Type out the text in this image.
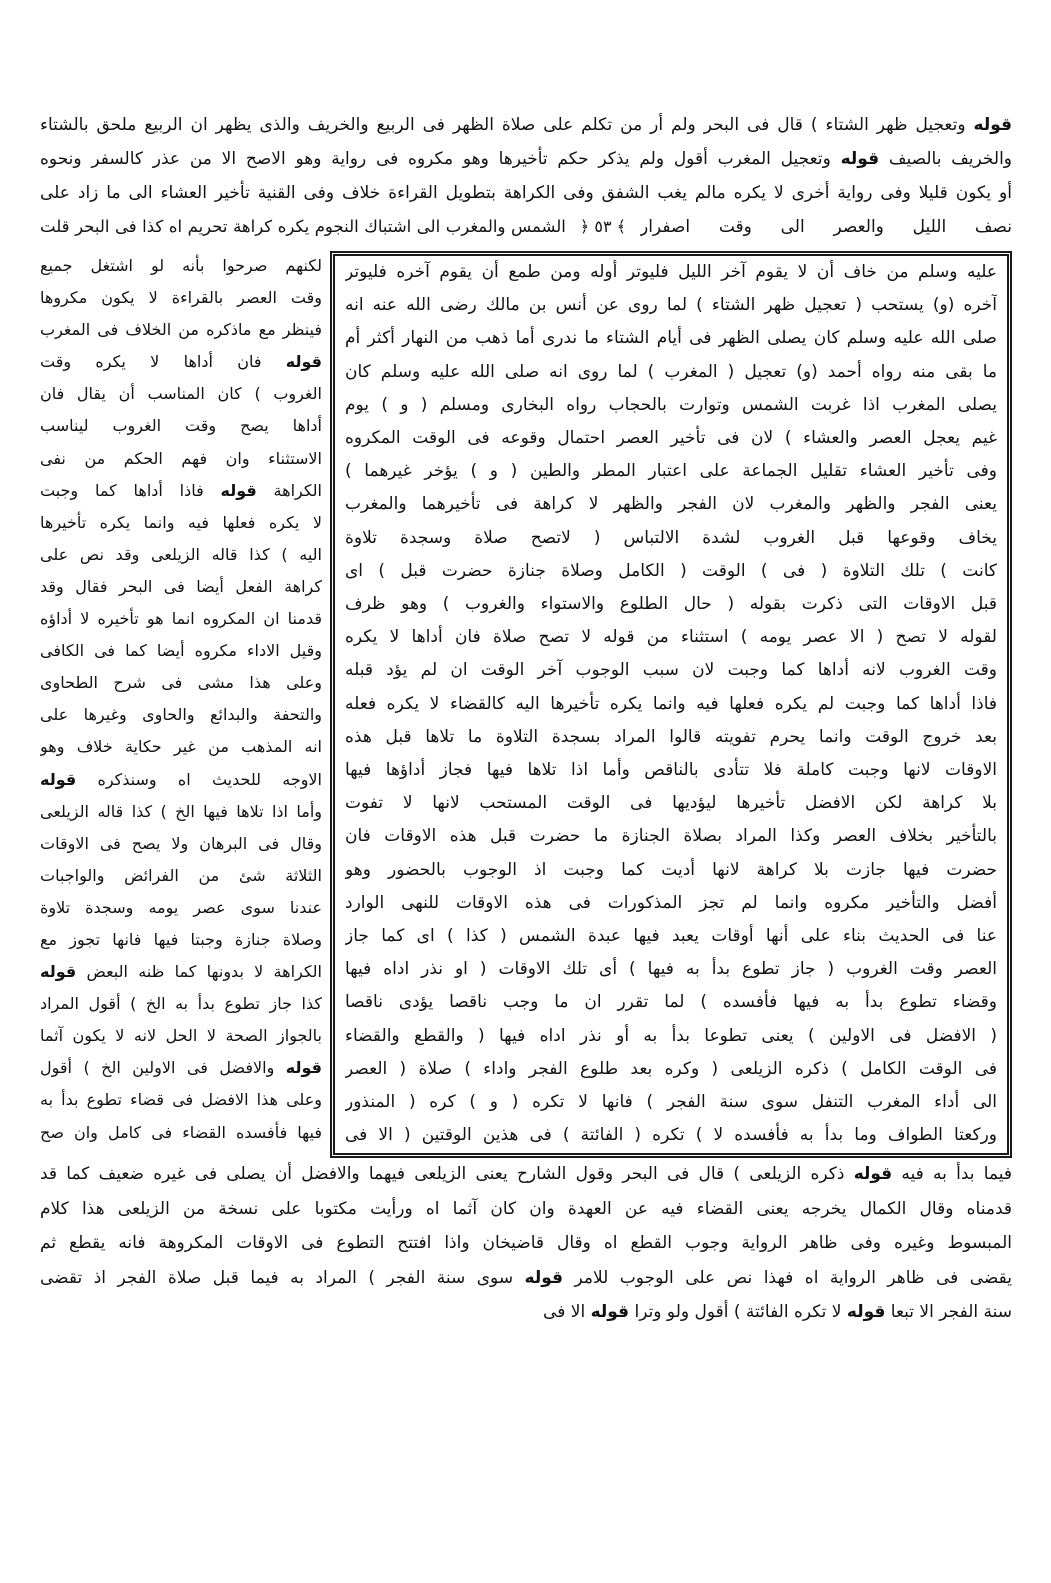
قوله وتعجيل ظهر الشتاء ) قال فى البحر ولم أر من تكلم على صلاة الظهر فى الربيع والخريف والذى يظهر ان الربيع ملحق بالشتاء
والخريف بالصيف قوله وتعجيل المغرب أقول ولم يذكر حكم تأخيرها وهو مكروه فى رواية وهو الاصح الا من عذر كالسفر ونحوه
أو يكون قليلا وفى رواية أخرى لا يكره مالم يغب الشفق وفى الكراهة بتطويل القراءة خلاف وفى القنية تأخير العشاء الى ما زاد على
نصف الليل والعصر الى وقت اصفرار
﴿ ٥٣ ﴾
الشمس والمغرب الى اشتباك النجوم يكره كراهة تحريم اه كذا فى البحر قلت
عليه وسلم من خاف أن لا يقوم آخر الليل فليوتر أوله ومن طمع أن يقوم آخره فليوتر
آخره (و) يستحب ( تعجيل ظهر الشتاء ) لما روى عن أنس بن مالك رضى الله عنه انه
صلى الله عليه وسلم كان يصلى الظهر فى أيام الشتاء ما ندرى أما ذهب من النهار أكثر أم
ما بقى منه رواه أحمد (و) تعجيل ( المغرب ) لما روى انه صلى الله عليه وسلم كان
يصلى المغرب اذا غربت الشمس وتوارت بالحجاب رواه البخارى ومسلم ( و ) يوم
غيم يعجل العصر والعشاء ) لان فى تأخير العصر احتمال وقوعه فى الوقت المكروه
وفى تأخير العشاء تقليل الجماعة على اعتبار المطر والطين ( و ) يؤخر غيرهما )
يعنى الفجر والظهر والمغرب لان الفجر والظهر لا كراهة فى تأخيرهما والمغرب
يخاف وقوعها قبل الغروب لشدة الالتباس ( لاتصح صلاة وسجدة تلاوة
كانت ) تلك التلاوة ( فى ) الوقت ( الكامل وصلاة جنازة حضرت قبل ) اى
قبل الاوقات التى ذكرت بقوله ( حال الطلوع والاستواء والغروب ) وهو ظرف
لقوله لا تصح ( الا عصر يومه ) استثناء من قوله لا تصح صلاة فان أداها لا يكره
وقت الغروب لانه أداها كما وجبت لان سبب الوجوب آخر الوقت ان لم يؤد قبله
فاذا أداها كما وجبت لم يكره فعلها فيه وانما يكره تأخيرها اليه كالقضاء لا يكره فعله
بعد خروج الوقت وانما يحرم تفويته قالوا المراد بسجدة التلاوة ما تلاها قبل هذه
الاوقات لانها وجبت كاملة فلا تتأدى بالناقص وأما اذا تلاها فيها فجاز أداؤها فيها
بلا كراهة لكن الافضل تأخيرها ليؤديها فى الوقت المستحب لانها لا تفوت
بالتأخير بخلاف العصر وكذا المراد بصلاة الجنازة ما حضرت قبل هذه الاوقات فان
حضرت فيها جازت بلا كراهة لانها أديت كما وجبت اذ الوجوب بالحضور وهو
أفضل والتأخير مكروه وانما لم تجز المذكورات فى هذه الاوقات للنهى الوارد
عنا فى الحديث بناء على أنها أوقات يعبد فيها عبدة الشمس ( كذا ) اى كما جاز
العصر وقت الغروب ( جاز تطوع بدأ به فيها ) أى تلك الاوقات ( او نذر اداه فيها
وقضاء تطوع بدأ به فيها فأفسده ) لما تقرر ان ما وجب ناقصا يؤدى ناقصا
( الافضل فى الاولين ) يعنى تطوعا بدأ به أو نذر اداه فيها ( والقطع والقضاء
فى الوقت الكامل ) ذكره الزيلعى ( وكره بعد طلوع الفجر واداء ) صلاة ( العصر
الى أداء المغرب التنفل سوى سنة الفجر ) فانها لا تكره ( و ) كره ( المنذور
وركعتا الطواف وما بدأ به فأفسده لا ) تكره ( الفائتة ) فى هذين الوقتين ( الا فى
لكنهم صرحوا بأنه لو اشتغل جميع
وقت العصر بالقراءة لا يكون مكروها
فينظر مع ماذكره من الخلاف فى المغرب
قوله فان أداها لا يكره وقت
الغروب ) كان المناسب أن يقال فان
أداها يصح وقت الغروب ليناسب
الاستثناء وان فهم الحكم من نفى
الكراهة قوله فاذا أداها كما وجبت
لا يكره فعلها فيه وانما يكره تأخيرها
اليه ) كذا قاله الزيلعى وقد نص على
كراهة الفعل أيضا فى البحر فقال وقد
قدمنا ان المكروه انما هو تأخيره لا أداؤه
وقيل الاداء مكروه أيضا كما فى الكافى
وعلى هذا مشى فى شرح الطحاوى
والتحفة والبدائع والحاوى وغيرها على
انه المذهب من غير حكاية خلاف وهو
الاوجه للحديث اه وسنذكره قوله
وأما اذا تلاها فيها الخ ) كذا قاله الزيلعى
وقال فى البرهان ولا يصح فى الاوقات
الثلاثة شئ من الفرائض والواجبات
عندنا سوى عصر يومه وسجدة تلاوة
وصلاة جنازة وجبتا فيها فانها تجوز مع
الكراهة لا بدونها كما ظنه البعض قوله
كذا جاز تطوع بدأ به الخ ) أقول المراد
بالجواز الصحة لا الحل لانه لا يكون آثما
قوله والافضل فى الاولين الخ ) أقول
وعلى هذا الافضل فى قضاء تطوع بدأ به
فيها فأفسده القضاء فى كامل وان صح
فيما بدأ به فيه قوله ذكره الزيلعى ) قال فى البحر وقول الشارح يعنى الزيلعى فيهما والافضل أن يصلى فى غيره ضعيف كما قد
قدمناه وقال الكمال يخرجه يعنى القضاء فيه عن العهدة وان كان آثما اه ورأيت مكتوبا على نسخة من الزيلعى هذا كلام
المبسوط وغيره وفى ظاهر الرواية وجوب القطع اه وقال قاضيخان واذا افتتح التطوع فى الاوقات المكروهة فانه يقطع ثم
يقضى فى ظاهر الرواية اه فهذا نص على الوجوب للامر قوله سوى سنة الفجر ) المراد به فيما قبل صلاة الفجر اذ تقضى
سنة الفجر الا تبعا قوله لا تكره الفائتة ) أقول ولو وترا قوله الا فى
